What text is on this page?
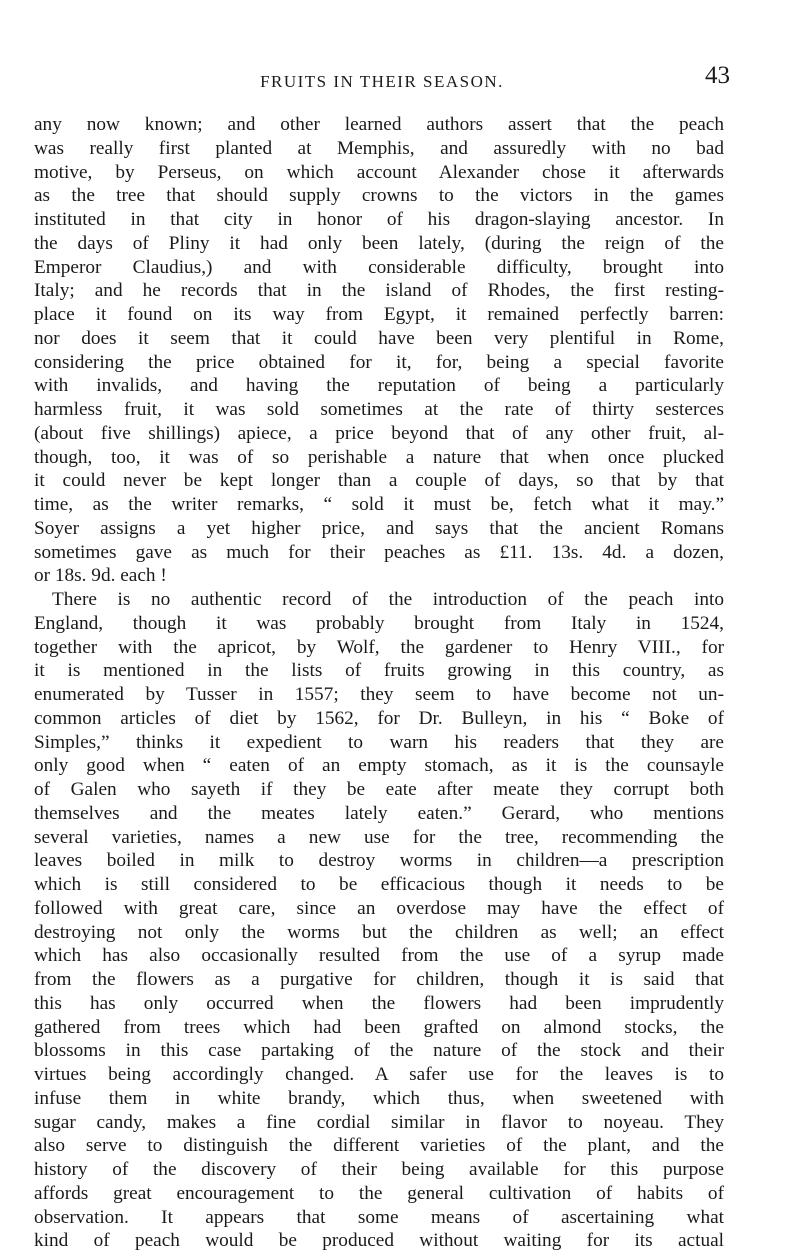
FRUITS IN THEIR SEASON.	43
any now known; and other learned authors assert that the peach
was really first planted at Memphis, and assuredly with no bad
motive, by Perseus, on which account Alexander chose it afterwards
as the tree that should supply crowns to the victors in the games
instituted in that city in honor of his dragon-slaying ancestor. In
the days of Pliny it had only been lately, (during the reign of the
Emperor Claudius,) and with considerable difficulty, brought into
Italy; and he records that in the island of Rhodes, the first resting-
place it found on its way from Egypt, it remained perfectly barren:
nor does it seem that it could have been very plentiful in Rome,
considering the price obtained for it, for, being a special favorite
with invalids, and having the reputation of being a particularly
harmless fruit, it was sold sometimes at the rate of thirty sesterces
(about five shillings) apiece, a price beyond that of any other fruit, al-
though, too, it was of so perishable a nature that when once plucked
it could never be kept longer than a couple of days, so that by that
time, as the writer remarks, “ sold it must be, fetch what it may.”
Soyer assigns a yet higher price, and says that the ancient Romans
sometimes gave as much for their peaches as £11. 13s. 4d. a dozen,
or 18s. 9d. each !
There is no authentic record of the introduction of the peach into
England, though it was probably brought from Italy in 1524,
together with the apricot, by Wolf, the gardener to Henry VIII., for
it is mentioned in the lists of fruits growing in this country, as
enumerated by Tusser in 1557; they seem to have become not un-
common articles of diet by 1562, for Dr. Bulleyn, in his “ Boke of
Simples,” thinks it expedient to warn his readers that they are
only good when “ eaten of an empty stomach, as it is the counsayle
of Galen who sayeth if they be eate after meate they corrupt both
themselves and the meates lately eaten.” Gerard, who mentions
several varieties, names a new use for the tree, recommending the
leaves boiled in milk to destroy worms in children—a prescription
which is still considered to be efficacious though it needs to be
followed with great care, since an overdose may have the effect of
destroying not only the worms but the children as well; an effect
which has also occasionally resulted from the use of a syrup made
from the flowers as a purgative for children, though it is said that
this has only occurred when the flowers had been imprudently
gathered from trees which had been grafted on almond stocks, the
blossoms in this case partaking of the nature of the stock and their
virtues being accordingly changed. A safer use for the leaves is to
infuse them in white brandy, which thus, when sweetened with
sugar candy, makes a fine cordial similar in flavor to noyeau. They
also serve to distinguish the different varieties of the plant, and the
history of the discovery of their being available for this purpose
affords great encouragement to the general cultivation of habits of
observation. It appears that some means of ascertaining what
kind of peach would be produced without waiting for its actual
